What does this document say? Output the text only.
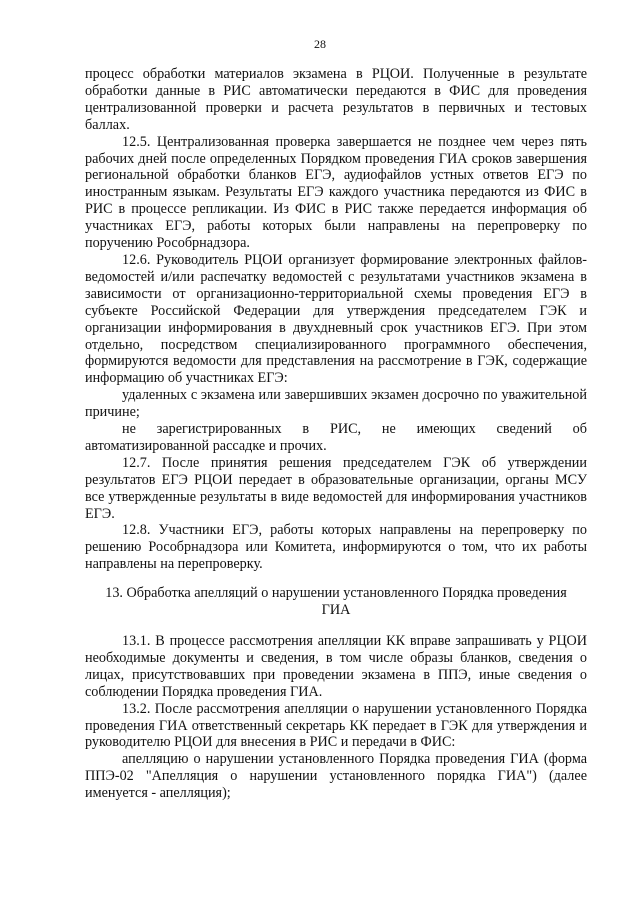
28

процесс обработки материалов экзамена в РЦОИ. Полученные в результате обработки данные в РИС автоматически передаются в ФИС для проведения централизованной проверки и расчета результатов в первичных и тестовых баллах.

12.5. Централизованная проверка завершается не позднее чем через пять рабочих дней после определенных Порядком проведения ГИА сроков завершения региональной обработки бланков ЕГЭ, аудиофайлов устных ответов ЕГЭ по иностранным языкам. Результаты ЕГЭ каждого участника передаются из ФИС в РИС в процессе репликации. Из ФИС в РИС также передается информация об участниках ЕГЭ, работы которых были направлены на перепроверку по поручению Рособрнадзора.

12.6. Руководитель РЦОИ организует формирование электронных файлов-ведомостей и/или распечатку ведомостей с результатами участников экзамена в зависимости от организационно-территориальной схемы проведения ЕГЭ в субъекте Российской Федерации для утверждения председателем ГЭК и организации информирования в двухдневный срок участников ЕГЭ. При этом отдельно, посредством специализированного программного обеспечения, формируются ведомости для представления на рассмотрение в ГЭК, содержащие информацию об участниках ЕГЭ:

удаленных с экзамена или завершивших экзамен досрочно по уважительной причине;

не зарегистрированных в РИС, не имеющих сведений об автоматизированной рассадке и прочих.

12.7. После принятия решения председателем ГЭК об утверждении результатов ЕГЭ РЦОИ передает в образовательные организации, органы МСУ все утвержденные результаты в виде ведомостей для информирования участников ЕГЭ.

12.8. Участники ЕГЭ, работы которых направлены на перепроверку по решению Рособрнадзора или Комитета, информируются о том, что их работы направлены на перепроверку.

13. Обработка апелляций о нарушении установленного Порядка проведения ГИА

13.1. В процессе рассмотрения апелляции КК вправе запрашивать у РЦОИ необходимые документы и сведения, в том числе образы бланков, сведения о лицах, присутствовавших при проведении экзамена в ППЭ, иные сведения о соблюдении Порядка проведения ГИА.

13.2. После рассмотрения апелляции о нарушении установленного Порядка проведения ГИА ответственный секретарь КК передает в ГЭК для утверждения и руководителю РЦОИ для внесения в РИС и передачи в ФИС:

апелляцию о нарушении установленного Порядка проведения ГИА (форма ППЭ-02 "Апелляция о нарушении установленного порядка ГИА") (далее именуется - апелляция);
